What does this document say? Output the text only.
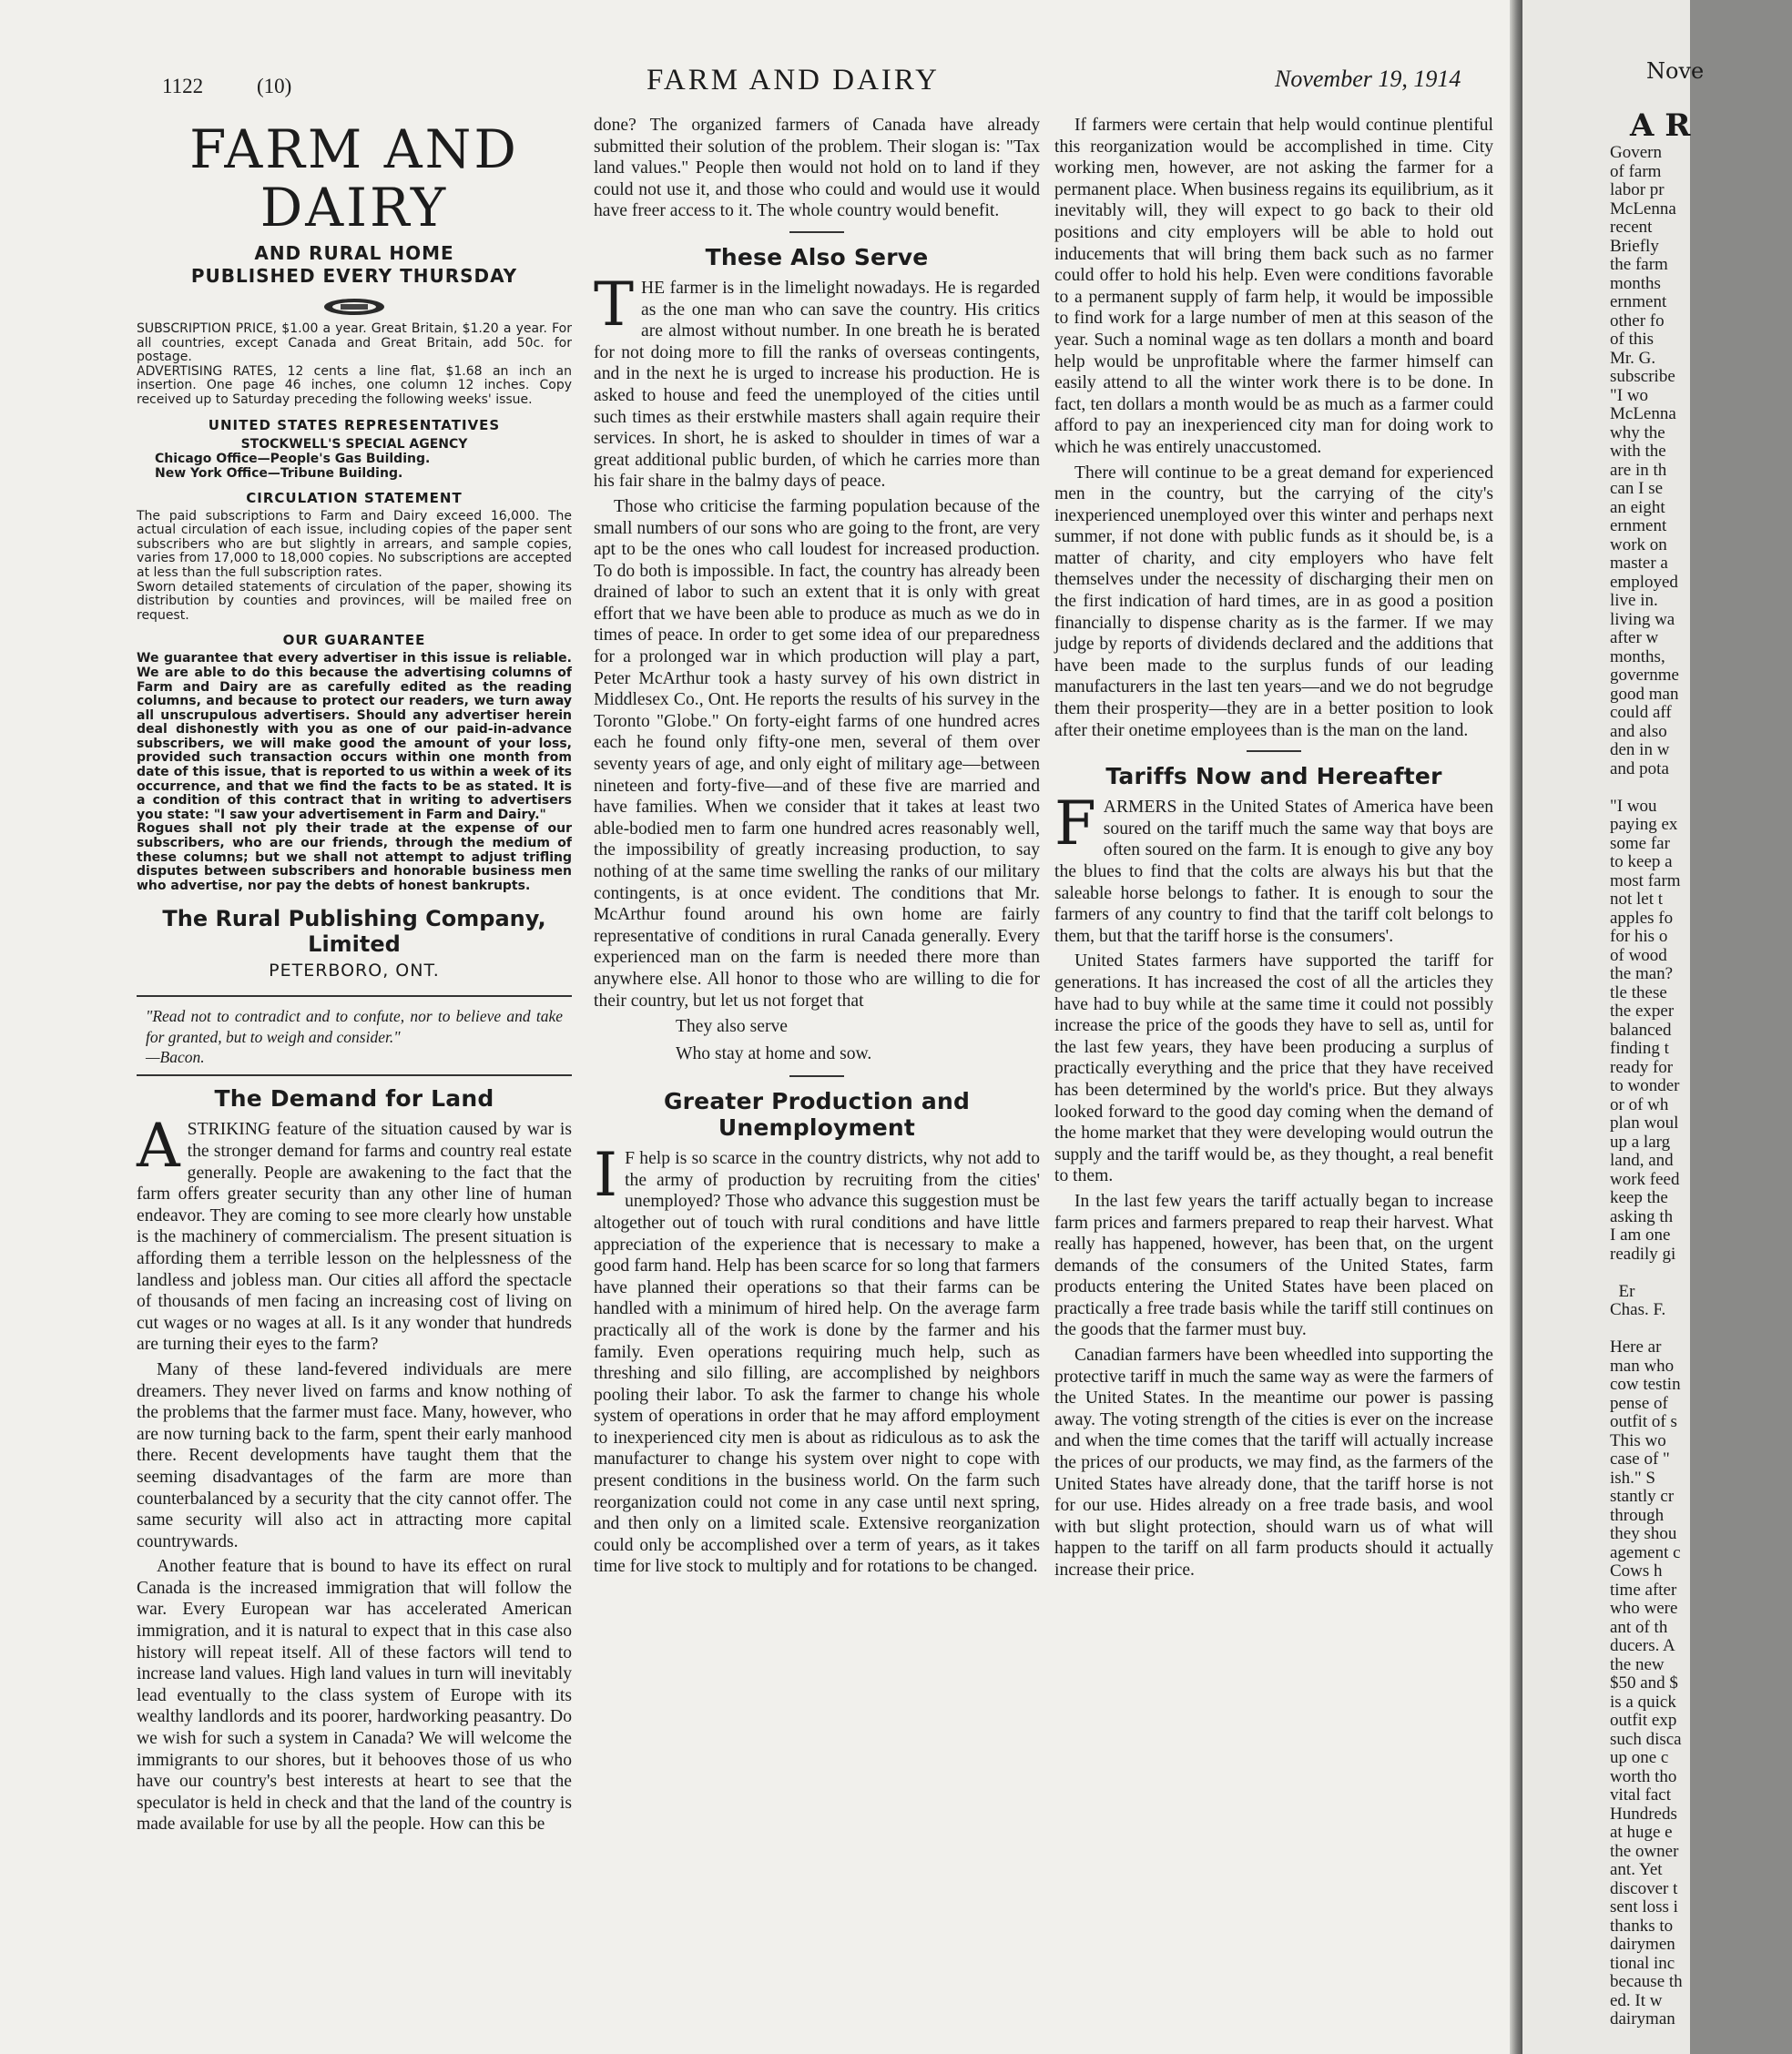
1122	(10)	FARM AND DAIRY	November 19, 1914
FARM AND DAIRY
AND RURAL HOME
PUBLISHED EVERY THURSDAY

SUBSCRIPTION PRICE, $1.00 a year. Great Britain, $1.20 a year. For all countries, except Canada and Great Britain, add 50c. for postage.

ADVERTISING RATES, 12 cents a line flat, $1.68 an inch an insertion. One page 46 inches, one column 12 inches. Copy received up to Saturday preceding the following weeks' issue.

UNITED STATES REPRESENTATIVES
STOCKWELL'S SPECIAL AGENCY
Chicago Office—People's Gas Building.
New York Office—Tribune Building.
CIRCULATION STATEMENT

The paid subscriptions to Farm and Dairy exceed 16,000. The actual circulation of each issue, including copies of the paper sent subscribers who are but slightly in arrears, and sample copies, varies from 17,000 to 18,000 copies. No subscriptions are accepted at less than the full subscription rates.

Sworn detailed statements of circulation of the paper, showing its distribution by counties and provinces, will be mailed free on request.

OUR GUARANTEE

We guarantee that every advertiser in this issue is reliable. We are able to do this because the advertising columns of Farm and Dairy are as carefully edited as the reading columns, and because to protect our readers, we turn away all unscrupulous advertisers. Should any advertiser herein deal dishonestly with you as one of our paid-in-advance subscribers, we will make good the amount of your loss, provided such transaction occurs within one month from date of this issue, that is reported to us within a week of its occurrence, and that we find the facts to be as stated. It is a condition of this contract that in writing to advertisers you state: "I saw your advertisement in Farm and Dairy."

Rogues shall not ply their trade at the expense of our subscribers, who are our friends, through the medium of these columns; but we shall not attempt to adjust trifling disputes between subscribers and honorable business men who advertise, nor pay the debts of honest bankrupts.

The Rural Publishing Company, Limited
PETERBORO, ONT.

"Read not to contradict and to confute, nor to believe and take for granted, but to weigh and consider."

—Bacon.
The Demand for Land

ASTRIKING feature of the situation caused by war is the stronger demand for farms and country real estate generally. People are awakening to the fact that the farm offers greater security than any other line of human endeavor. They are coming to see more clearly how unstable is the machinery of commercialism. The present situation is affording them a terrible lesson on the helplessness of the landless and jobless man. Our cities all afford the spectacle of thousands of men facing an increasing cost of living on cut wages or no wages at all. Is it any wonder that hundreds are turning their eyes to the farm?

Many of these land-fevered individuals are mere dreamers. They never lived on farms and know nothing of the problems that the farmer must face. Many, however, who are now turning back to the farm, spent their early manhood there. Recent developments have taught them that the seeming disadvantages of the farm are more than counterbalanced by a security that the city cannot offer. The same security will also act in attracting more capital countrywards.

Another feature that is bound to have its effect on rural Canada is the increased immigration that will follow the war. Every European war has accelerated American immigration, and it is natural to expect that in this case also history will repeat itself. All of these factors will tend to increase land values. High land values in turn will inevitably lead eventually to the class system of Europe with its wealthy landlords and its poorer, hardworking peasantry. Do we wish for such a system in Canada? We will welcome the immigrants to our shores, but it behooves those of us who have our country's best interests at heart to see that the speculator is held in check and that the land of the country is made available for use by all the people. How can this be

done? The organized farmers of Canada have already submitted their solution of the problem. Their slogan is: "Tax land values." People then would not hold on to land if they could not use it, and those who could and would use it would have freer access to it. The whole country would benefit.

These Also Serve

THE farmer is in the limelight nowadays. He is regarded as the one man who can save the country. His critics are almost without number. In one breath he is berated for not doing more to fill the ranks of overseas contingents, and in the next he is urged to increase his production. He is asked to house and feed the unemployed of the cities until such times as their erstwhile masters shall again require their services. In short, he is asked to shoulder in times of war a great additional public burden, of which he carries more than his fair share in the balmy days of peace.

Those who criticise the farming population because of the small numbers of our sons who are going to the front, are very apt to be the ones who call loudest for increased production. To do both is impossible. In fact, the country has already been drained of labor to such an extent that it is only with great effort that we have been able to produce as much as we do in times of peace. In order to get some idea of our preparedness for a prolonged war in which production will play a part, Peter McArthur took a hasty survey of his own district in Middlesex Co., Ont. He reports the results of his survey in the Toronto "Globe." On forty-eight farms of one hundred acres each he found only fifty-one men, several of them over seventy years of age, and only eight of military age—between nineteen and forty-five—and of these five are married and have families. When we consider that it takes at least two able-bodied men to farm one hundred acres reasonably well, the impossibility of greatly increasing production, to say nothing of at the same time swelling the ranks of our military contingents, is at once evident. The conditions that Mr. McArthur found around his own home are fairly representative of conditions in rural Canada generally. Every experienced man on the farm is needed there more than anywhere else. All honor to those who are willing to die for their country, but let us not forget that

They also serve
Who stay at home and sow.
Greater Production and Unemployment

I F help is so scarce in the country districts, why not add to the army of production by recruiting from the cities' unemployed? Those who advance this suggestion must be altogether out of touch with rural conditions and have little appreciation of the experience that is necessary to make a good farm hand. Help has been scarce for so long that farmers have planned their operations so that their farms can be handled with a minimum of hired help. On the average farm practically all of the work is done by the farmer and his family. Even operations requiring much help, such as threshing and silo filling, are accomplished by neighbors pooling their labor. To ask the farmer to change his whole system of operations in order that he may afford employment to inexperienced city men is about as ridiculous as to ask the manufacturer to change his system over night to cope with present conditions in the business world. On the farm such reorganization could not come in any case until next spring, and then only on a limited scale. Extensive reorganization could only be accomplished over a term of years, as it takes time for live stock to multiply and for rotations to be changed.

If farmers were certain that help would continue plentiful this reorganization would be accomplished in time. City working men, however, are not asking the farmer for a permanent place. When business regains its equilibrium, as it inevitably will, they will expect to go back to their old positions and city employers will be able to hold out inducements that will bring them back such as no farmer could offer to hold his help. Even were conditions favorable to a permanent supply of farm help, it would be impossible to find work for a large number of men at this season of the year. Such a nominal wage as ten dollars a month and board help would be unprofitable where the farmer himself can easily attend to all the winter work there is to be done. In fact, ten dollars a month would be as much as a farmer could afford to pay an inexperienced city man for doing work to which he was entirely unaccustomed.

There will continue to be a great demand for experienced men in the country, but the carrying of the city's inexperienced unemployed over this winter and perhaps next summer, if not done with public funds as it should be, is a matter of charity, and city employers who have felt themselves under the necessity of discharging their men on the first indication of hard times, are in as good a position financially to dispense charity as is the farmer. If we may judge by reports of dividends declared and the additions that have been made to the surplus funds of our leading manufacturers in the last ten years—and we do not begrudge them their prosperity—they are in a better position to look after their onetime employees than is the man on the land.

Tariffs Now and Hereafter

FARMERS in the United States of America have been soured on the tariff much the same way that boys are often soured on the farm. It is enough to give any boy the blues to find that the colts are always his but that the saleable horse belongs to father. It is enough to sour the farmers of any country to find that the tariff colt belongs to them, but that the tariff horse is the consumers'.

United States farmers have supported the tariff for generations. It has increased the cost of all the articles they have had to buy while at the same time it could not possibly increase the price of the goods they have to sell as, until for the last few years, they have been producing a surplus of practically everything and the price that they have received has been determined by the world's price. But they always looked forward to the good day coming when the demand of the home market that they were developing would outrun the supply and the tariff would be, as they thought, a real benefit to them.

In the last few years the tariff actually began to increase farm prices and farmers prepared to reap their harvest. What really has happened, however, has been that, on the urgent demands of the consumers of the United States, farm products entering the United States have been placed on practically a free trade basis while the tariff still continues on the goods that the farmer must buy.

Canadian farmers have been wheedled into supporting the protective tariff in much the same way as were the farmers of the United States. In the meantime our power is passing away. The voting strength of the cities is ever on the increase and when the time comes that the tariff will actually increase the prices of our products, we may find, as the farmers of the United States have already done, that the tariff horse is not for our use. Hides already on a free trade basis, and wool with but slight protection, should warn us of what will happen to the tariff on all farm products should it actually increase their price.

Nove
A R
Govern
of farm
labor pr
McLenna
recent
Briefly
the farm
months
ernment
other fo
of this
Mr. G.
subscribe
"I wo
McLenna
why the
with the
are in th
can I se
an eight
ernment
work on
master a
employed
live in.
living wa
after w
months,
governme
good man
could aff
and also
den in w
and pota

"I wou
paying ex
some far
to keep a
most farm
not let t
apples fo
for his o
of wood
the man?
tle these
the exper
balanced
finding t
ready for
to wonder
or of wh
plan woul
up a larg
land, and
work feed
keep the
asking th
I am one
readily gi

Er
Chas. F.

Here ar
man who
cow testin
pense of
outfit of s
This wo
case of "
ish." S
stantly cr
through
they shou
agement c
Cows h
time after
who were
ant of th
ducers. A
the new
$50 and $
is a quick
outfit exp
such disca
up one c
worth tho
vital fact
Hundreds
at huge e
the owner
ant. Yet
discover t
sent loss i
thanks to
dairymen
tional inc
because th
ed. It w
dairyman
